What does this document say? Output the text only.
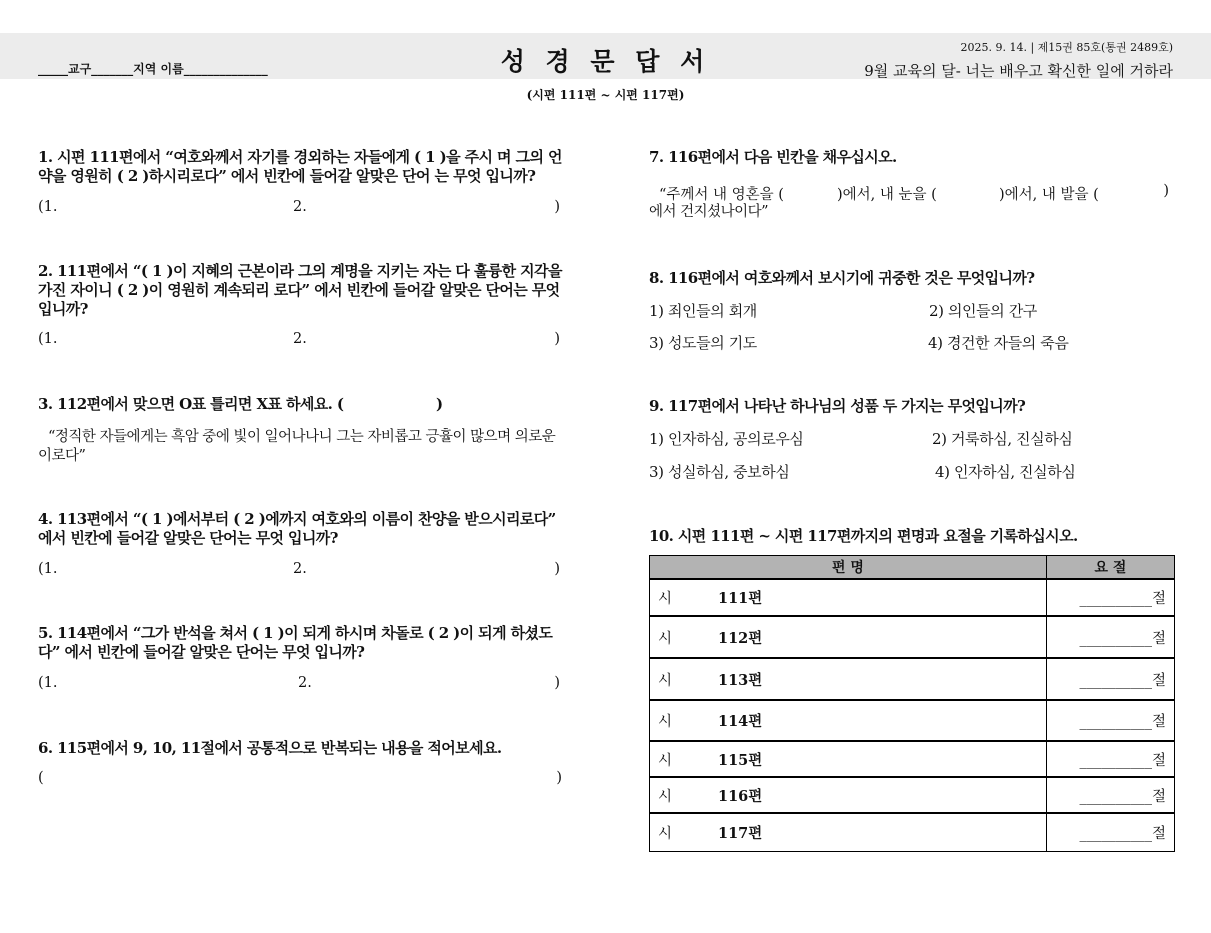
_____교구_______지역 이름______________	성 경 문 답 서
(시편 111편 ~ 시편 117편)
2025. 9. 14. | 제15권 85호(통권 2489호)
9월 교육의 달- 너는 배우고 확신한 일에 거하라
1. 시편 111편에서 “여호와께서 자기를 경외하는 자들에게 ( 1 )을 주시 며 그의 언약을 영원히 ( 2 )하시리로다” 에서 빈칸에 들어갈 알맞은 단어 는 무엇 입니까?
(1.	2.	)
2. 111편에서 “( 1 )이 지혜의 근본이라 그의 계명을 지키는 자는 다 훌륭한 지각을 가진 자이니 ( 2 )이 영원히 계속되리 로다” 에서 빈칸에 들어갈 알맞은 단어는 무엇 입니까?
(1.	2.	)
3. 112편에서 맞으면 O표 틀리면 X표 하세요. (	)
“정직한 자들에게는 흑암 중에 빛이 일어나나니 그는 자비롭고 긍휼이 많으며 의로운 이로다”
4. 113편에서 “( 1 )에서부터 ( 2 )에까지 여호와의 이름이 찬양을 받으시리로다” 에서 빈칸에 들어갈 알맞은 단어는 무엇 입니까?
(1.	2.	)
5. 114편에서 “그가 반석을 쳐서 ( 1 )이 되게 하시며 차돌로 ( 2 )이 되게 하셨도다” 에서 빈칸에 들어갈 알맞은 단어는 무엇 입니까?
(1.	2.	)
6. 115편에서 9, 10, 11절에서 공통적으로 반복되는 내용을 적어보세요.
(	)
7. 116편에서 다음 빈칸을 채우십시오.
“주께서 내 영혼을 (	)에서, 내 눈을 (	)에서, 내 발을 (	)
에서 건지셨나이다”
8. 116편에서 여호와께서 보시기에 귀중한 것은 무엇입니까?
1) 죄인들의 회개	2) 의인들의 간구
3) 성도들의 기도	4) 경건한 자들의 죽음
9. 117편에서 나타난 하나님의 성품 두 가지는 무엇입니까?
1) 인자하심, 공의로우심	2) 거룩하심, 진실하심
3) 성실하심, 중보하심	4) 인자하심, 진실하심
10. 시편 111편 ~ 시편 117편까지의 편명과 요절을 기록하십시오.
편 명	요 절
시 111편	__________절
시 112편	__________절
시 113편	__________절
시 114편	__________절
시 115편	__________절
시 116편	__________절
시 117편	__________절
